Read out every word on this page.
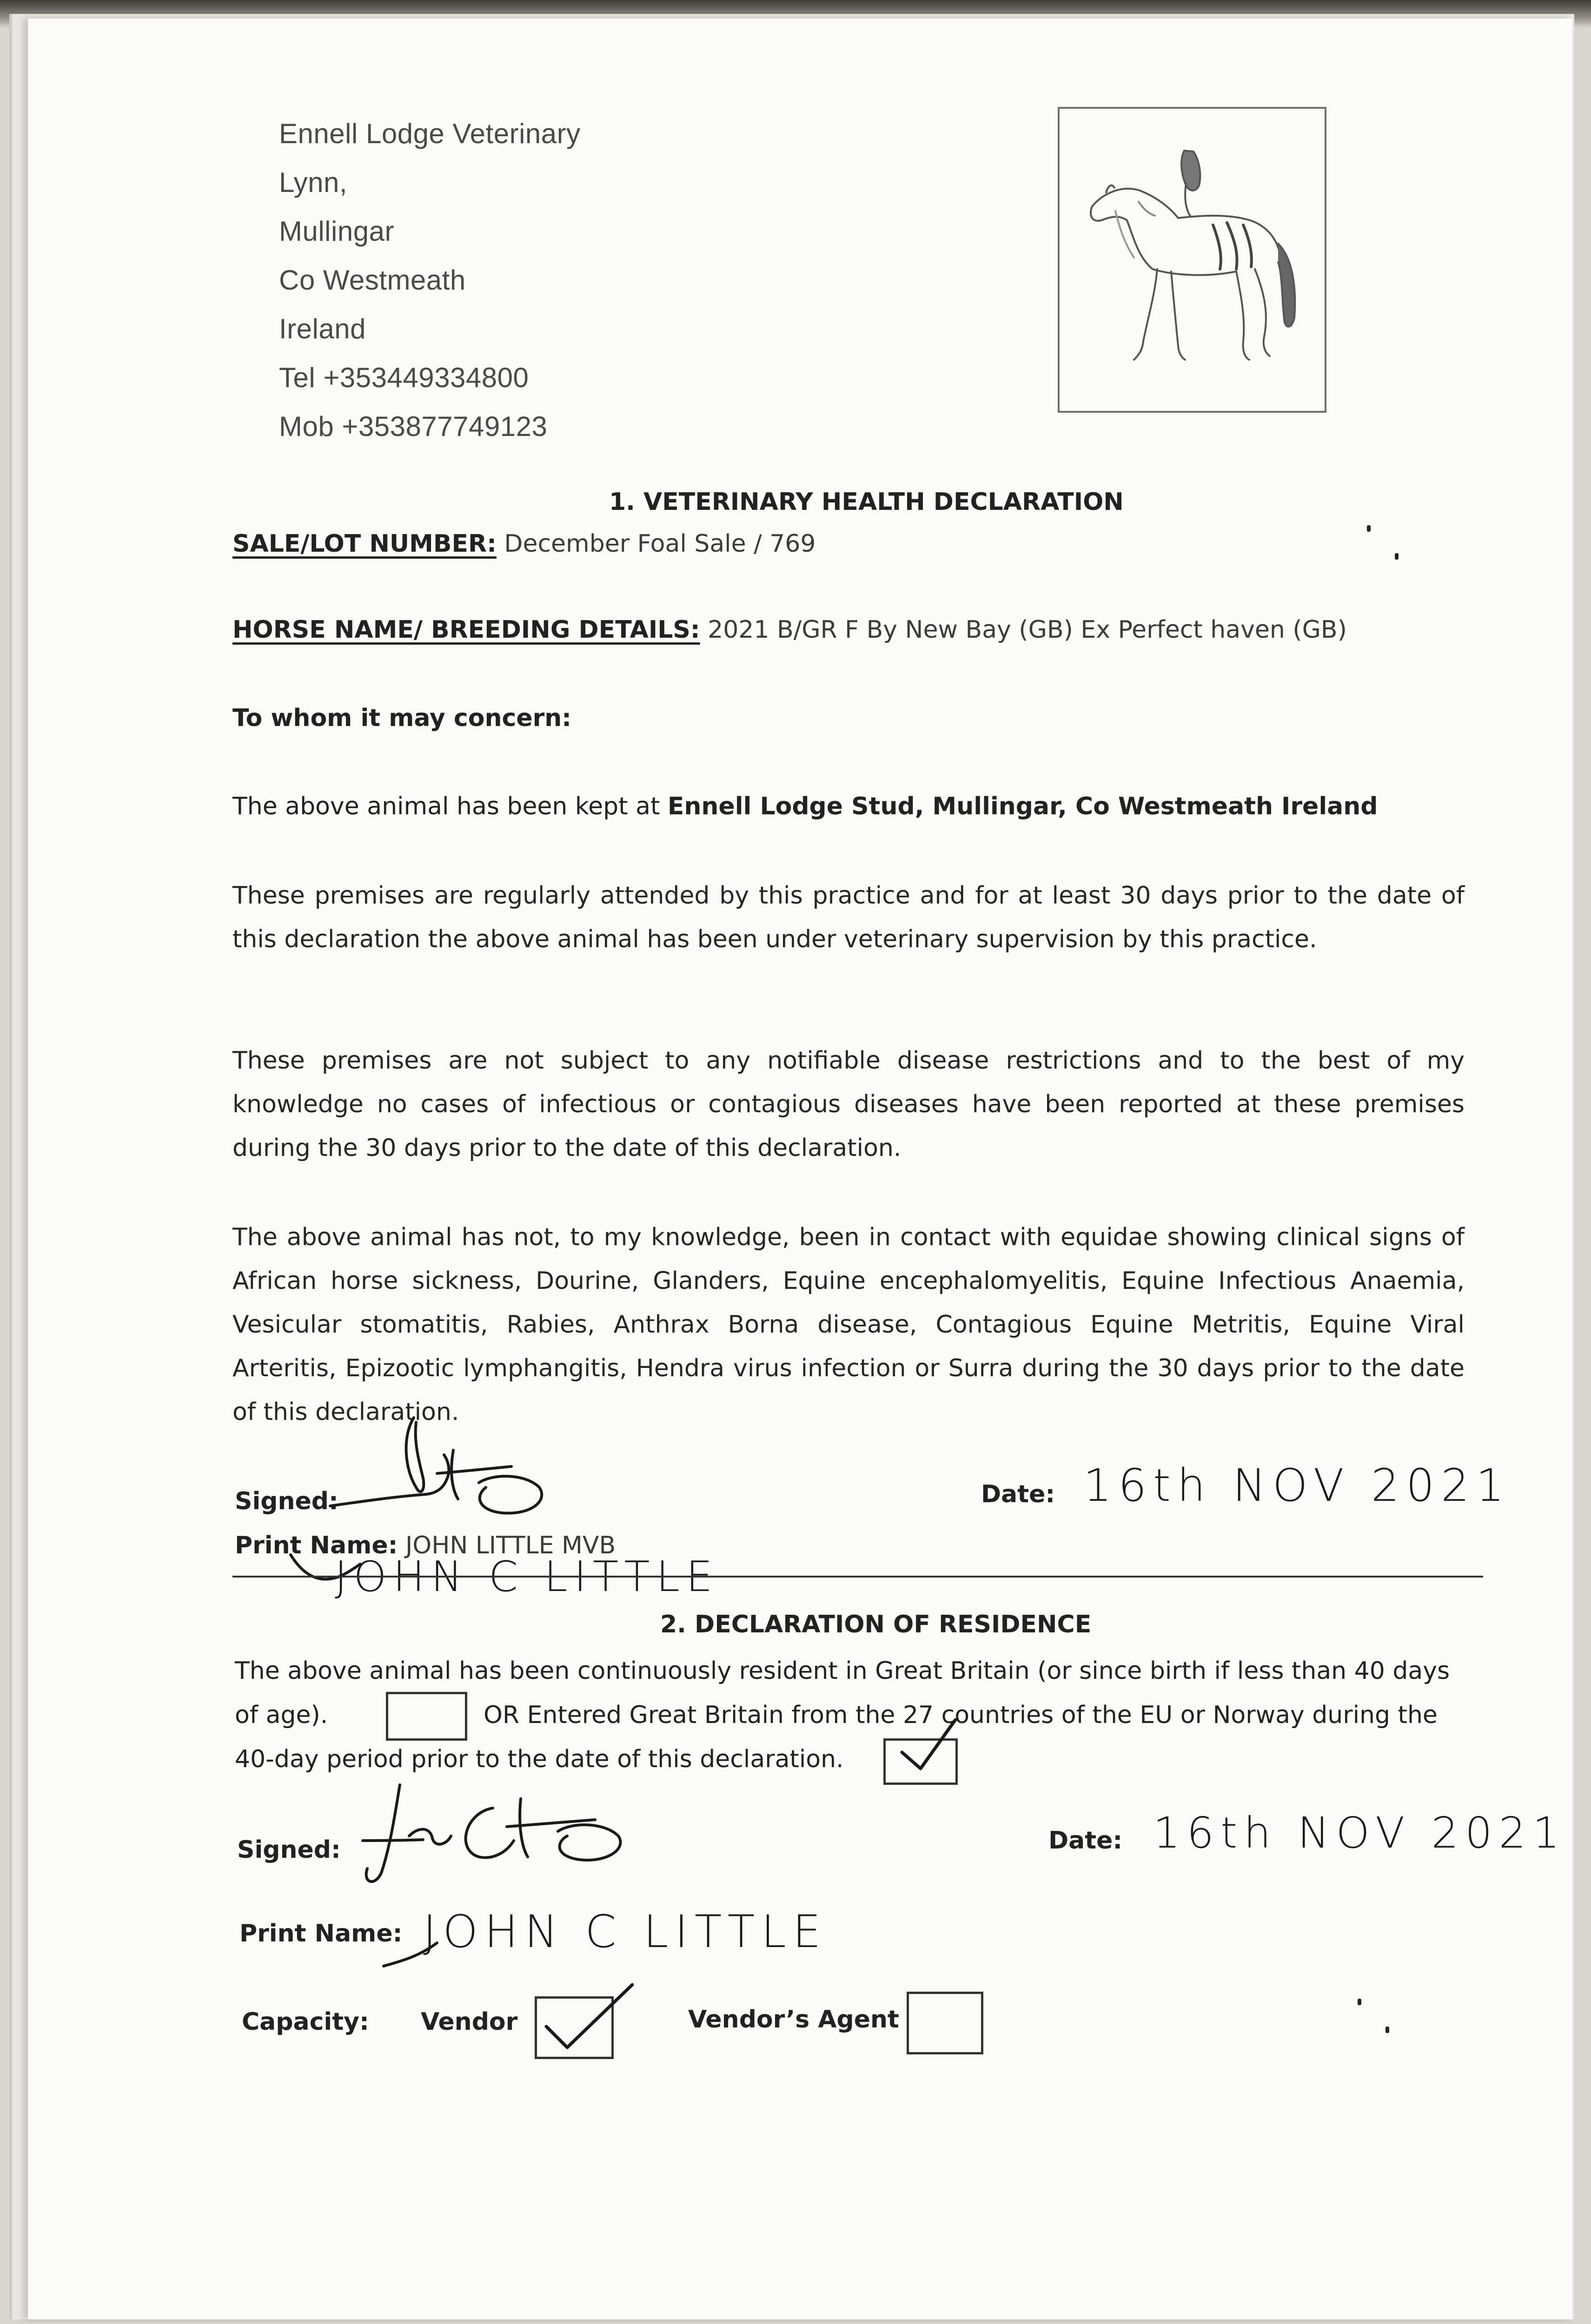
Ennell Lodge Veterinary
Lynn,
Mullingar
Co Westmeath
Ireland
Tel +353449334800
Mob +353877749123
1. VETERINARY HEALTH DECLARATION
SALE/LOT NUMBER: December Foal Sale / 769
HORSE NAME/ BREEDING DETAILS: 2021 B/GR F By New Bay (GB) Ex Perfect haven (GB)
To whom it may concern:
The above animal has been kept at Ennell Lodge Stud, Mullingar, Co Westmeath Ireland
These premises are regularly attended by this practice and for at least 30 days prior to the date of
this declaration the above animal has been under veterinary supervision by this practice.
These premises are not subject to any notifiable disease restrictions and to the best of my
knowledge no cases of infectious or contagious diseases have been reported at these premises
during the 30 days prior to the date of this declaration.
The above animal has not, to my knowledge, been in contact with equidae showing clinical signs of
African horse sickness, Dourine, Glanders, Equine encephalomyelitis, Equine Infectious Anaemia,
Vesicular stomatitis, Rabies, Anthrax Borna disease, Contagious Equine Metritis, Equine Viral
Arteritis, Epizootic lymphangitis, Hendra virus infection or Surra during the 30 days prior to the date
of this declaration.
Signed:	Date: 16th NOV 2021
Print Name: JOHN LITTLE MVB
JOHN C LITTLE
2. DECLARATION OF RESIDENCE
The above animal has been continuously resident in Great Britain (or since birth if less than 40 days
of age).	OR Entered Great Britain from the 27 countries of the EU or Norway during the
40-day period prior to the date of this declaration.
Signed:	Date: 16th NOV 2021
Print Name: JOHN C LITTLE
Capacity: Vendor	Vendor’s Agent
